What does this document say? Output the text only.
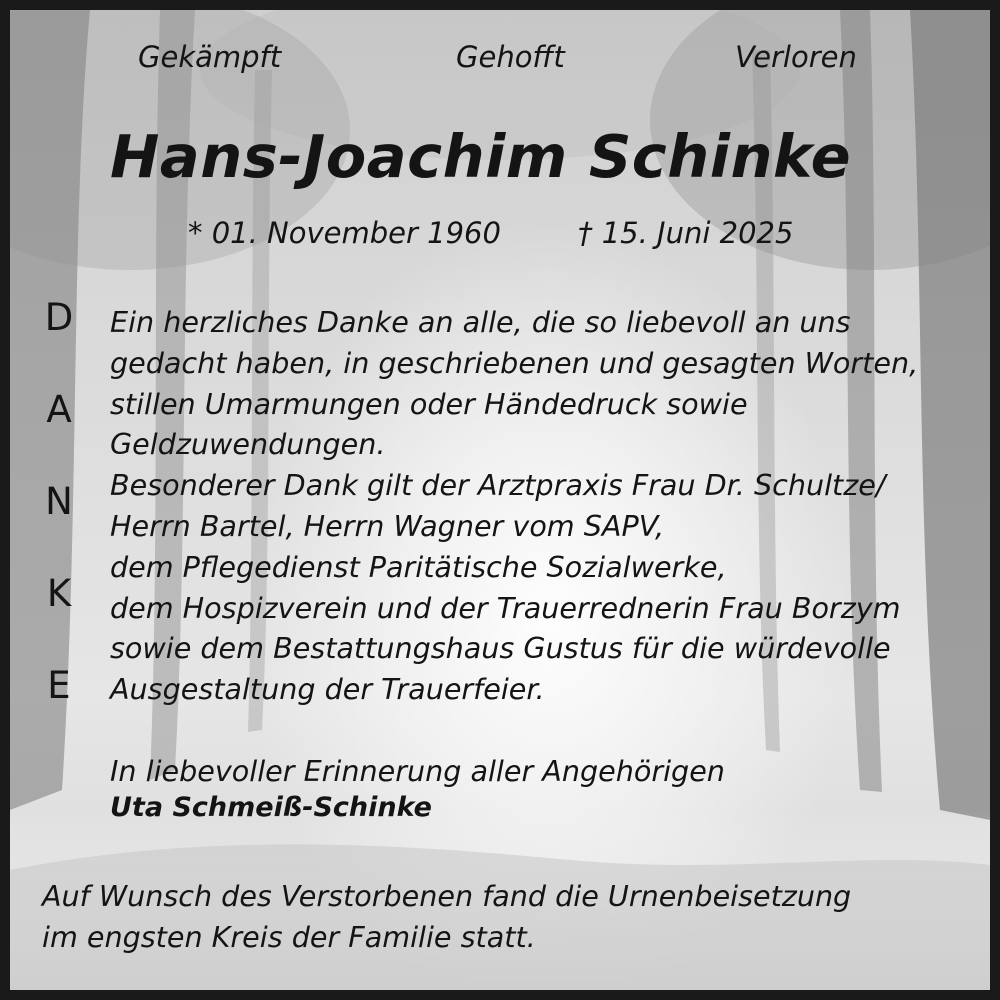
Gekämpft	Gehofft	Verloren
Hans-Joachim Schinke
* 01. November 1960	† 15. Juni 2025
D
A
N
K
E
Ein herzliches Danke an alle, die so liebevoll an uns
gedacht haben, in geschriebenen und gesagten Worten,
stillen Umarmungen oder Händedruck sowie
Geldzuwendungen.
Besonderer Dank gilt der Arztpraxis Frau Dr. Schultze/
Herrn Bartel, Herrn Wagner vom SAPV,
dem Pflegedienst Paritätische Sozialwerke,
dem Hospizverein und der Trauerrednerin Frau Borzym
sowie dem Bestattungshaus Gustus für die würdevolle
Ausgestaltung der Trauerfeier.
In liebevoller Erinnerung aller Angehörigen
Uta Schmeiß-Schinke
Auf Wunsch des Verstorbenen fand die Urnenbeisetzung
im engsten Kreis der Familie statt.
